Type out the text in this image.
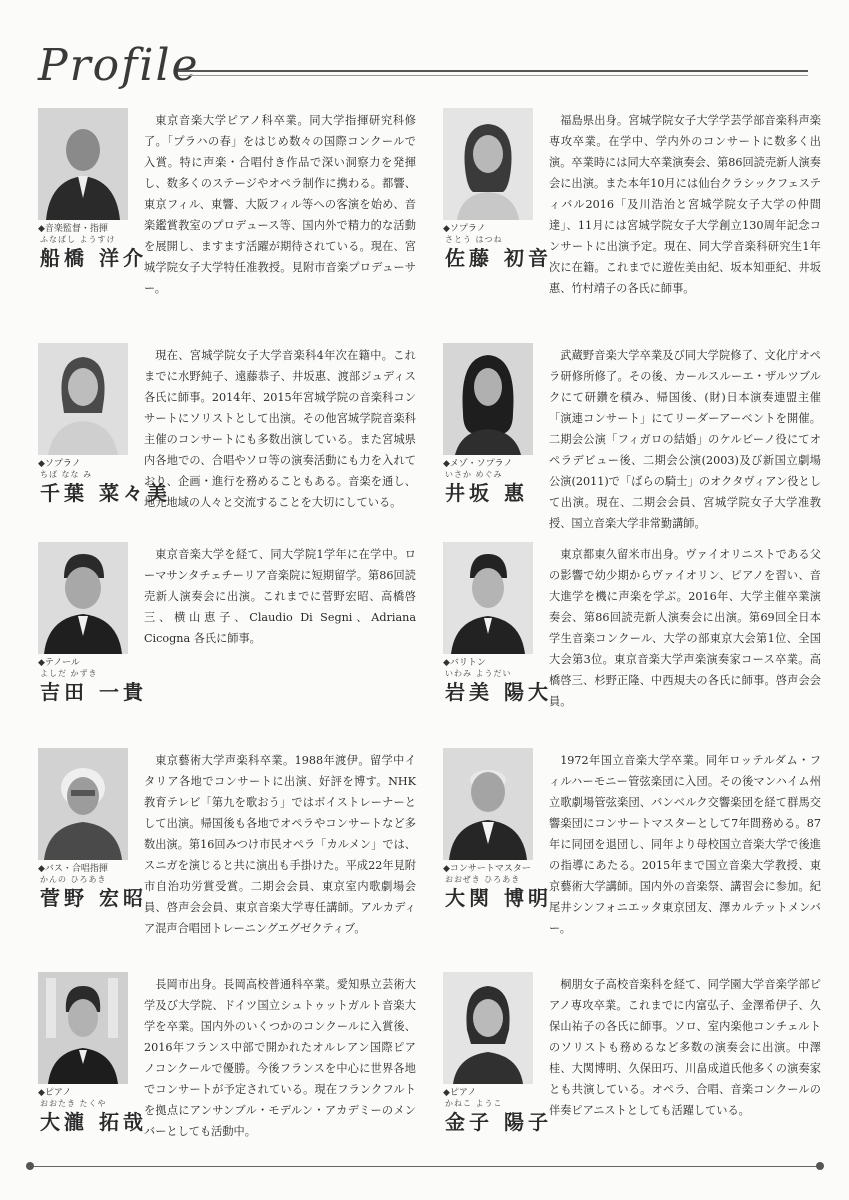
Profile
◆音楽監督・指揮
ふなばし ようすけ
船橋 洋介

東京音楽大学ピアノ科卒業。同大学指揮研究科修了。「プラハの春」をはじめ数々の国際コンクールで入賞。特に声楽・合唱付き作品で深い洞察力を発揮し、数多くのステージやオペラ制作に携わる。都響、東京フィル、東響、大阪フィル等への客演を始め、音楽鑑賞教室のプロデュース等、国内外で精力的な活動を展開し、ますます活躍が期待されている。現在、宮城学院女子大学特任准教授。見附市音楽プロデューサー。

◆ソプラノ
さとう はつね
佐藤 初音

福島県出身。宮城学院女子大学学芸学部音楽科声楽専攻卒業。在学中、学内外のコンサートに数多く出演。卒業時には同大卒業演奏会、第86回読売新人演奏会に出演。また本年10月には仙台クラシックフェスティバル2016「及川浩治と宮城学院女子大学の仲間達」、11月には宮城学院女子大学創立130周年記念コンサートに出演予定。現在、同大学音楽科研究生1年次に在籍。これまでに遊佐美由紀、坂本知亜紀、井坂惠、竹村靖子の各氏に師事。

◆ソプラノ
ちば なな み
千葉 菜々美

現在、宮城学院女子大学音楽科4年次在籍中。これまでに水野純子、遠藤恭子、井坂惠、渡部ジュディス各氏に師事。2014年、2015年宮城学院の音楽科コンサートにソリストとして出演。その他宮城学院音楽科主催のコンサートにも多数出演している。また宮城県内各地での、合唱やソロ等の演奏活動にも力を入れており、企画・進行を務めることもある。音楽を通し、地元地域の人々と交流することを大切にしている。

◆メゾ・ソプラノ
いさか めぐみ
井坂 惠

武蔵野音楽大学卒業及び同大学院修了、文化庁オペラ研修所修了。その後、カールスルーエ・ザルツブルクにて研鑽を積み、帰国後、(財)日本演奏連盟主催「演連コンサート」にてリーダーアーベントを開催。二期会公演「フィガロの結婚」のケルビーノ役にてオペラデビュー後、二期会公演(2003)及び新国立劇場公演(2011)で「ばらの騎士」のオクタヴィアン役として出演。現在、二期会会員、宮城学院女子大学准教授、国立音楽大学非常勤講師。

◆テノール
よしだ かずき
吉田 一貴

東京音楽大学を経て、同大学院1学年に在学中。ローマサンタチェチーリア音楽院に短期留学。第86回読売新人演奏会に出演。これまでに菅野宏昭、高橋啓三、横山恵子、Claudio Di Segni、Adriana Cicogna 各氏に師事。

◆バリトン
いわみ ようだい
岩美 陽大

東京都東久留米市出身。ヴァイオリニストである父の影響で幼少期からヴァイオリン、ピアノを習い、音大進学を機に声楽を学ぶ。2016年、大学主催卒業演奏会、第86回読売新人演奏会に出演。第69回全日本学生音楽コンクール、大学の部東京大会第1位、全国大会第3位。東京音楽大学声楽演奏家コース卒業。高橋啓三、杉野正隆、中西規夫の各氏に師事。啓声会会員。

◆バス・合唱指揮
かんの ひろあき
菅野 宏昭

東京藝術大学声楽科卒業。1988年渡伊。留学中イタリア各地でコンサートに出演、好評を博す。NHK教育テレビ「第九を歌おう」ではボイストレーナーとして出演。帰国後も各地でオペラやコンサートなど多数出演。第16回みつけ市民オペラ「カルメン」では、スニガを演じると共に演出も手掛けた。平成22年見附市自治功労賞受賞。二期会会員、東京室内歌劇場会員、啓声会会員、東京音楽大学専任講師。アルカディア混声合唱団トレーニングエグゼクティブ。

◆コンサートマスター
おおぜき ひろあき
大関 博明

1972年国立音楽大学卒業。同年ロッテルダム・フィルハーモニー管弦楽団に入団。その後マンハイム州立歌劇場管弦楽団、バンベルク交響楽団を経て群馬交響楽団にコンサートマスターとして7年間務める。87年に同団を退団し、同年より母校国立音楽大学で後進の指導にあたる。2015年まで国立音楽大学教授、東京藝術大学講師。国内外の音楽祭、講習会に参加。紀尾井シンフォニエッタ東京団友、澤カルテットメンバー。

◆ピアノ
おおたき たくや
大瀧 拓哉

長岡市出身。長岡高校普通科卒業。愛知県立芸術大学及び大学院、ドイツ国立シュトゥットガルト音楽大学を卒業。国内外のいくつかのコンクールに入賞後、2016年フランス中部で開かれたオルレアン国際ピアノコンクールで優勝。今後フランスを中心に世界各地でコンサートが予定されている。現在フランクフルトを拠点にアンサンブル・モデルン・アカデミーのメンバーとしても活動中。

◆ピアノ
かねこ ようこ
金子 陽子

桐朋女子高校音楽科を経て、同学園大学音楽学部ピアノ専攻卒業。これまでに内富弘子、金澤希伊子、久保山祐子の各氏に師事。ソロ、室内楽他コンチェルトのソリストも務めるなど多数の演奏会に出演。中澤桂、大関博明、久保田巧、川畠成道氏他多くの演奏家とも共演している。オペラ、合唱、音楽コンクールの伴奏ピアニストとしても活躍している。
